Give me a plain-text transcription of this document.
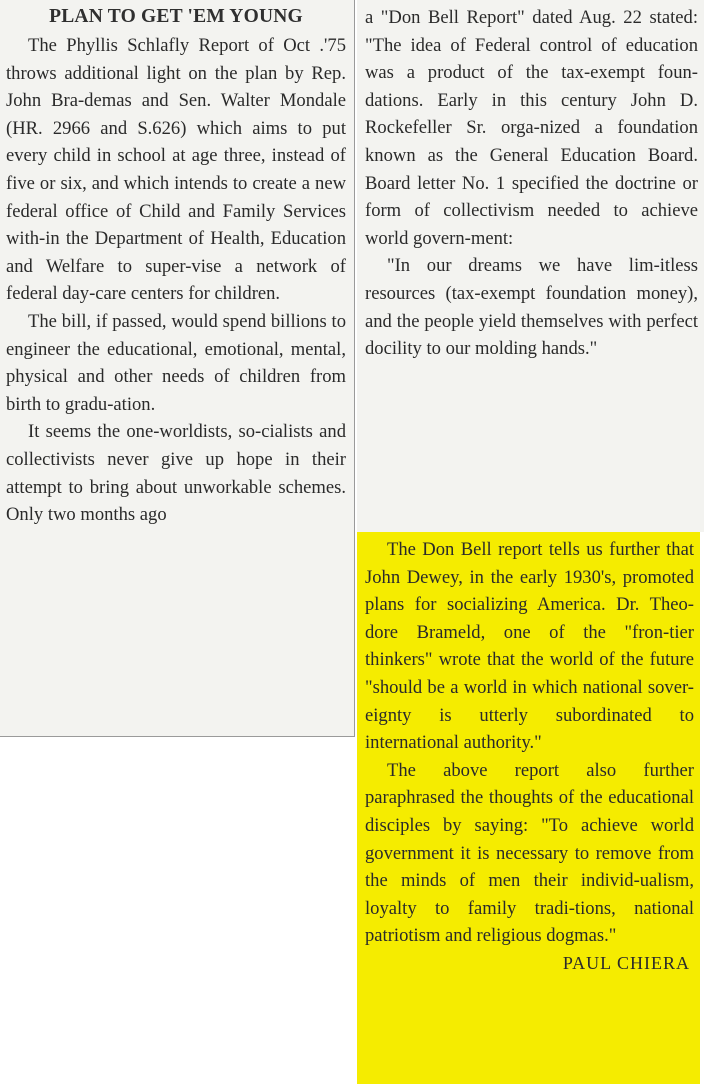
PLAN TO GET 'EM YOUNG

The Phyllis Schlafly Report of Oct .'75 throws additional light on the plan by Rep. John Bra-demas and Sen. Walter Mondale (HR. 2966 and S.626) which aims to put every child in school at age three, instead of five or six, and which intends to create a new federal office of Child and Family Services with-in the Department of Health, Education and Welfare to super-vise a network of federal day-care centers for children.

The bill, if passed, would spend billions to engineer the educational, emotional, mental, physical and other needs of children from birth to gradu-ation.

It seems the one-worldists, so-cialists and collectivists never give up hope in their attempt to bring about unworkable schemes. Only two months ago

a "Don Bell Report" dated Aug. 22 stated: "The idea of Federal control of education was a product of the tax-exempt foun-dations. Early in this century John D. Rockefeller Sr. orga-nized a foundation known as the General Education Board. Board letter No. 1 specified the doctrine or form of collectivism needed to achieve world govern-ment:

"In our dreams we have lim-itless resources (tax-exempt foundation money), and the people yield themselves with perfect docility to our molding hands."

The Don Bell report tells us further that John Dewey, in the early 1930's, promoted plans for socializing America. Dr. Theo-dore Brameld, one of the "fron-tier thinkers" wrote that the world of the future "should be a world in which national sover-eignty is utterly subordinated to international authority."

The above report also further paraphrased the thoughts of the educational disciples by saying: "To achieve world government it is necessary to remove from the minds of men their individ-ualism, loyalty to family tradi-tions, national patriotism and religious dogmas."

PAUL CHIERA
